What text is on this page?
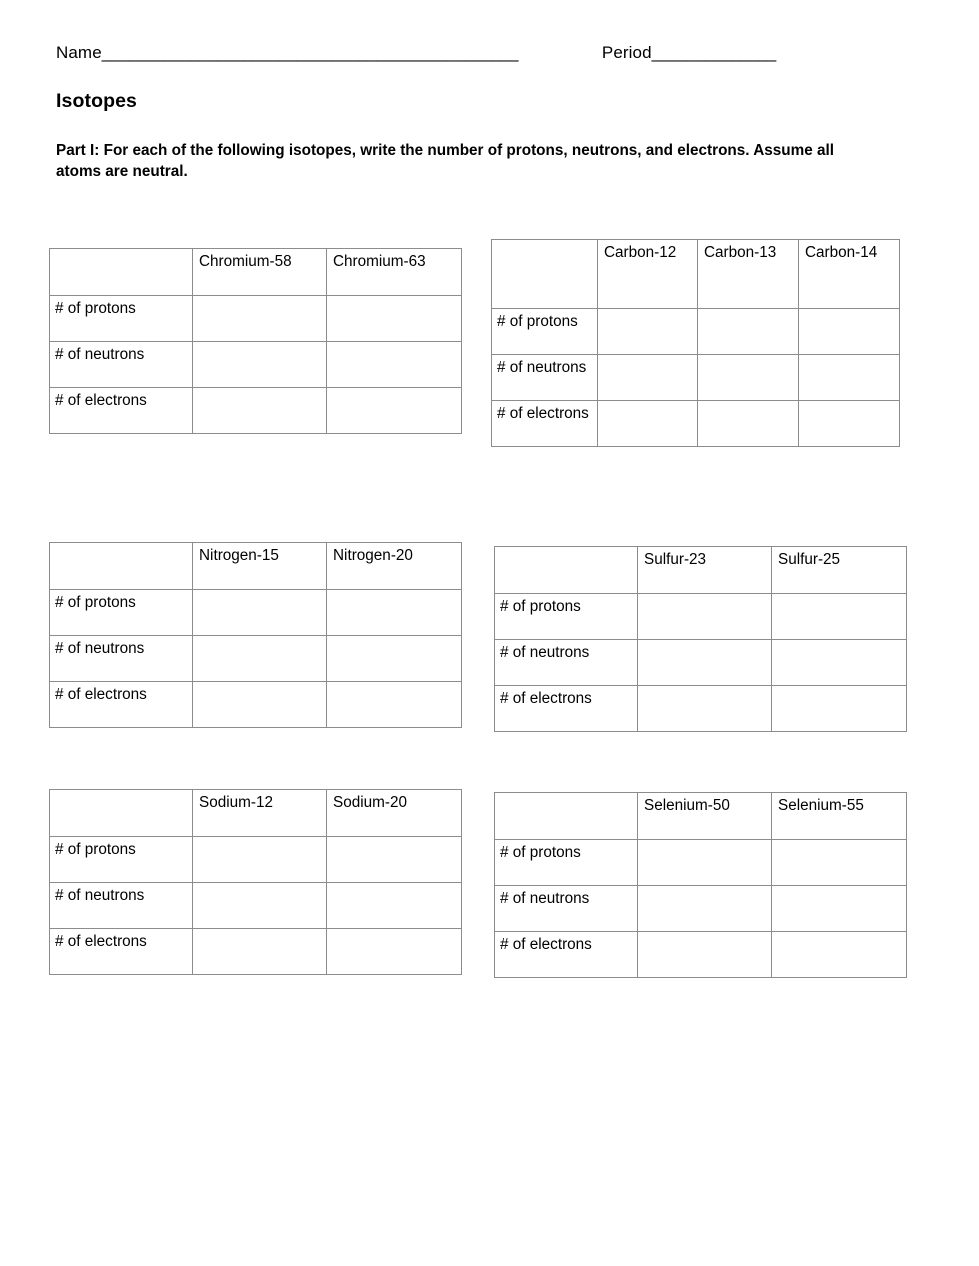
Name_______________________________________________	Period______________
Isotopes
Part I: For each of the following isotopes, write the number of protons, neutrons, and electrons. Assume all atoms are neutral.
	Chromium-58	Chromium-63
# of protons		
# of neutrons		
# of electrons		
	Carbon-12	Carbon-13	Carbon-14
# of protons			
# of neutrons			
# of electrons			
	Nitrogen-15	Nitrogen-20
# of protons		
# of neutrons		
# of electrons		
	Sulfur-23	Sulfur-25
# of protons		
# of neutrons		
# of electrons		
	Sodium-12	Sodium-20
# of protons		
# of neutrons		
# of electrons		
	Selenium-50	Selenium-55
# of protons		
# of neutrons		
# of electrons		
